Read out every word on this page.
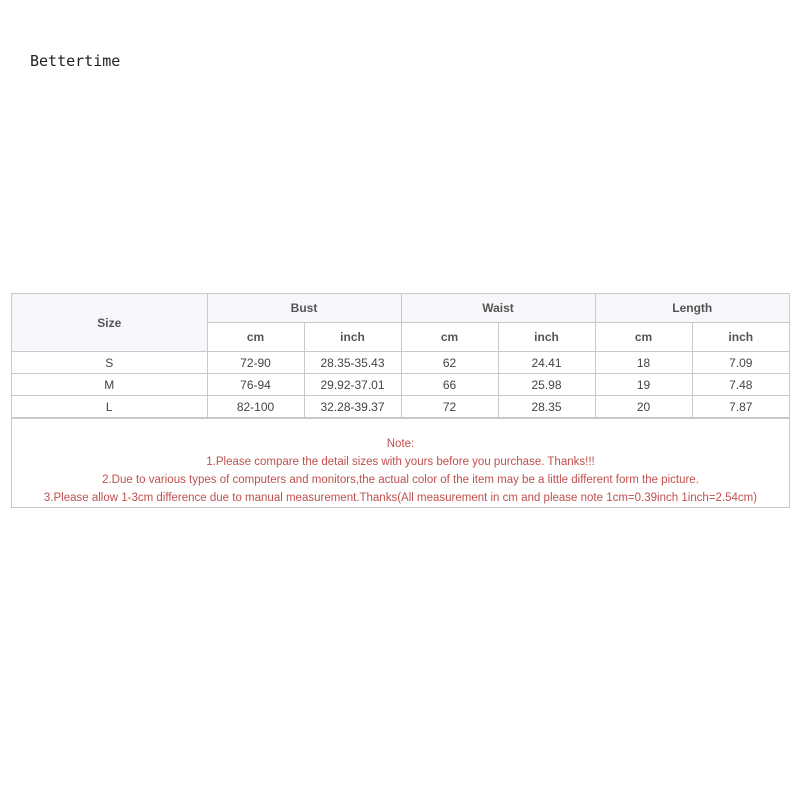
Bettertime
Size	Bust		Waist		Length	
	cm	inch	cm	inch	cm	inch
S	72-90	28.35-35.43	62	24.41	18	7.09
M	76-94	29.92-37.01	66	25.98	19	7.48
L	82-100	32.28-39.37	72	28.35	20	7.87
Note:
1.Please compare the detail sizes with yours before you purchase. Thanks!!!
2.Due to various types of computers and monitors,the actual color of the item may be a little different form the picture.
3.Please allow 1-3cm difference due to manual measurement.Thanks(All measurement in cm and please note 1cm=0.39inch 1inch=2.54cm)
